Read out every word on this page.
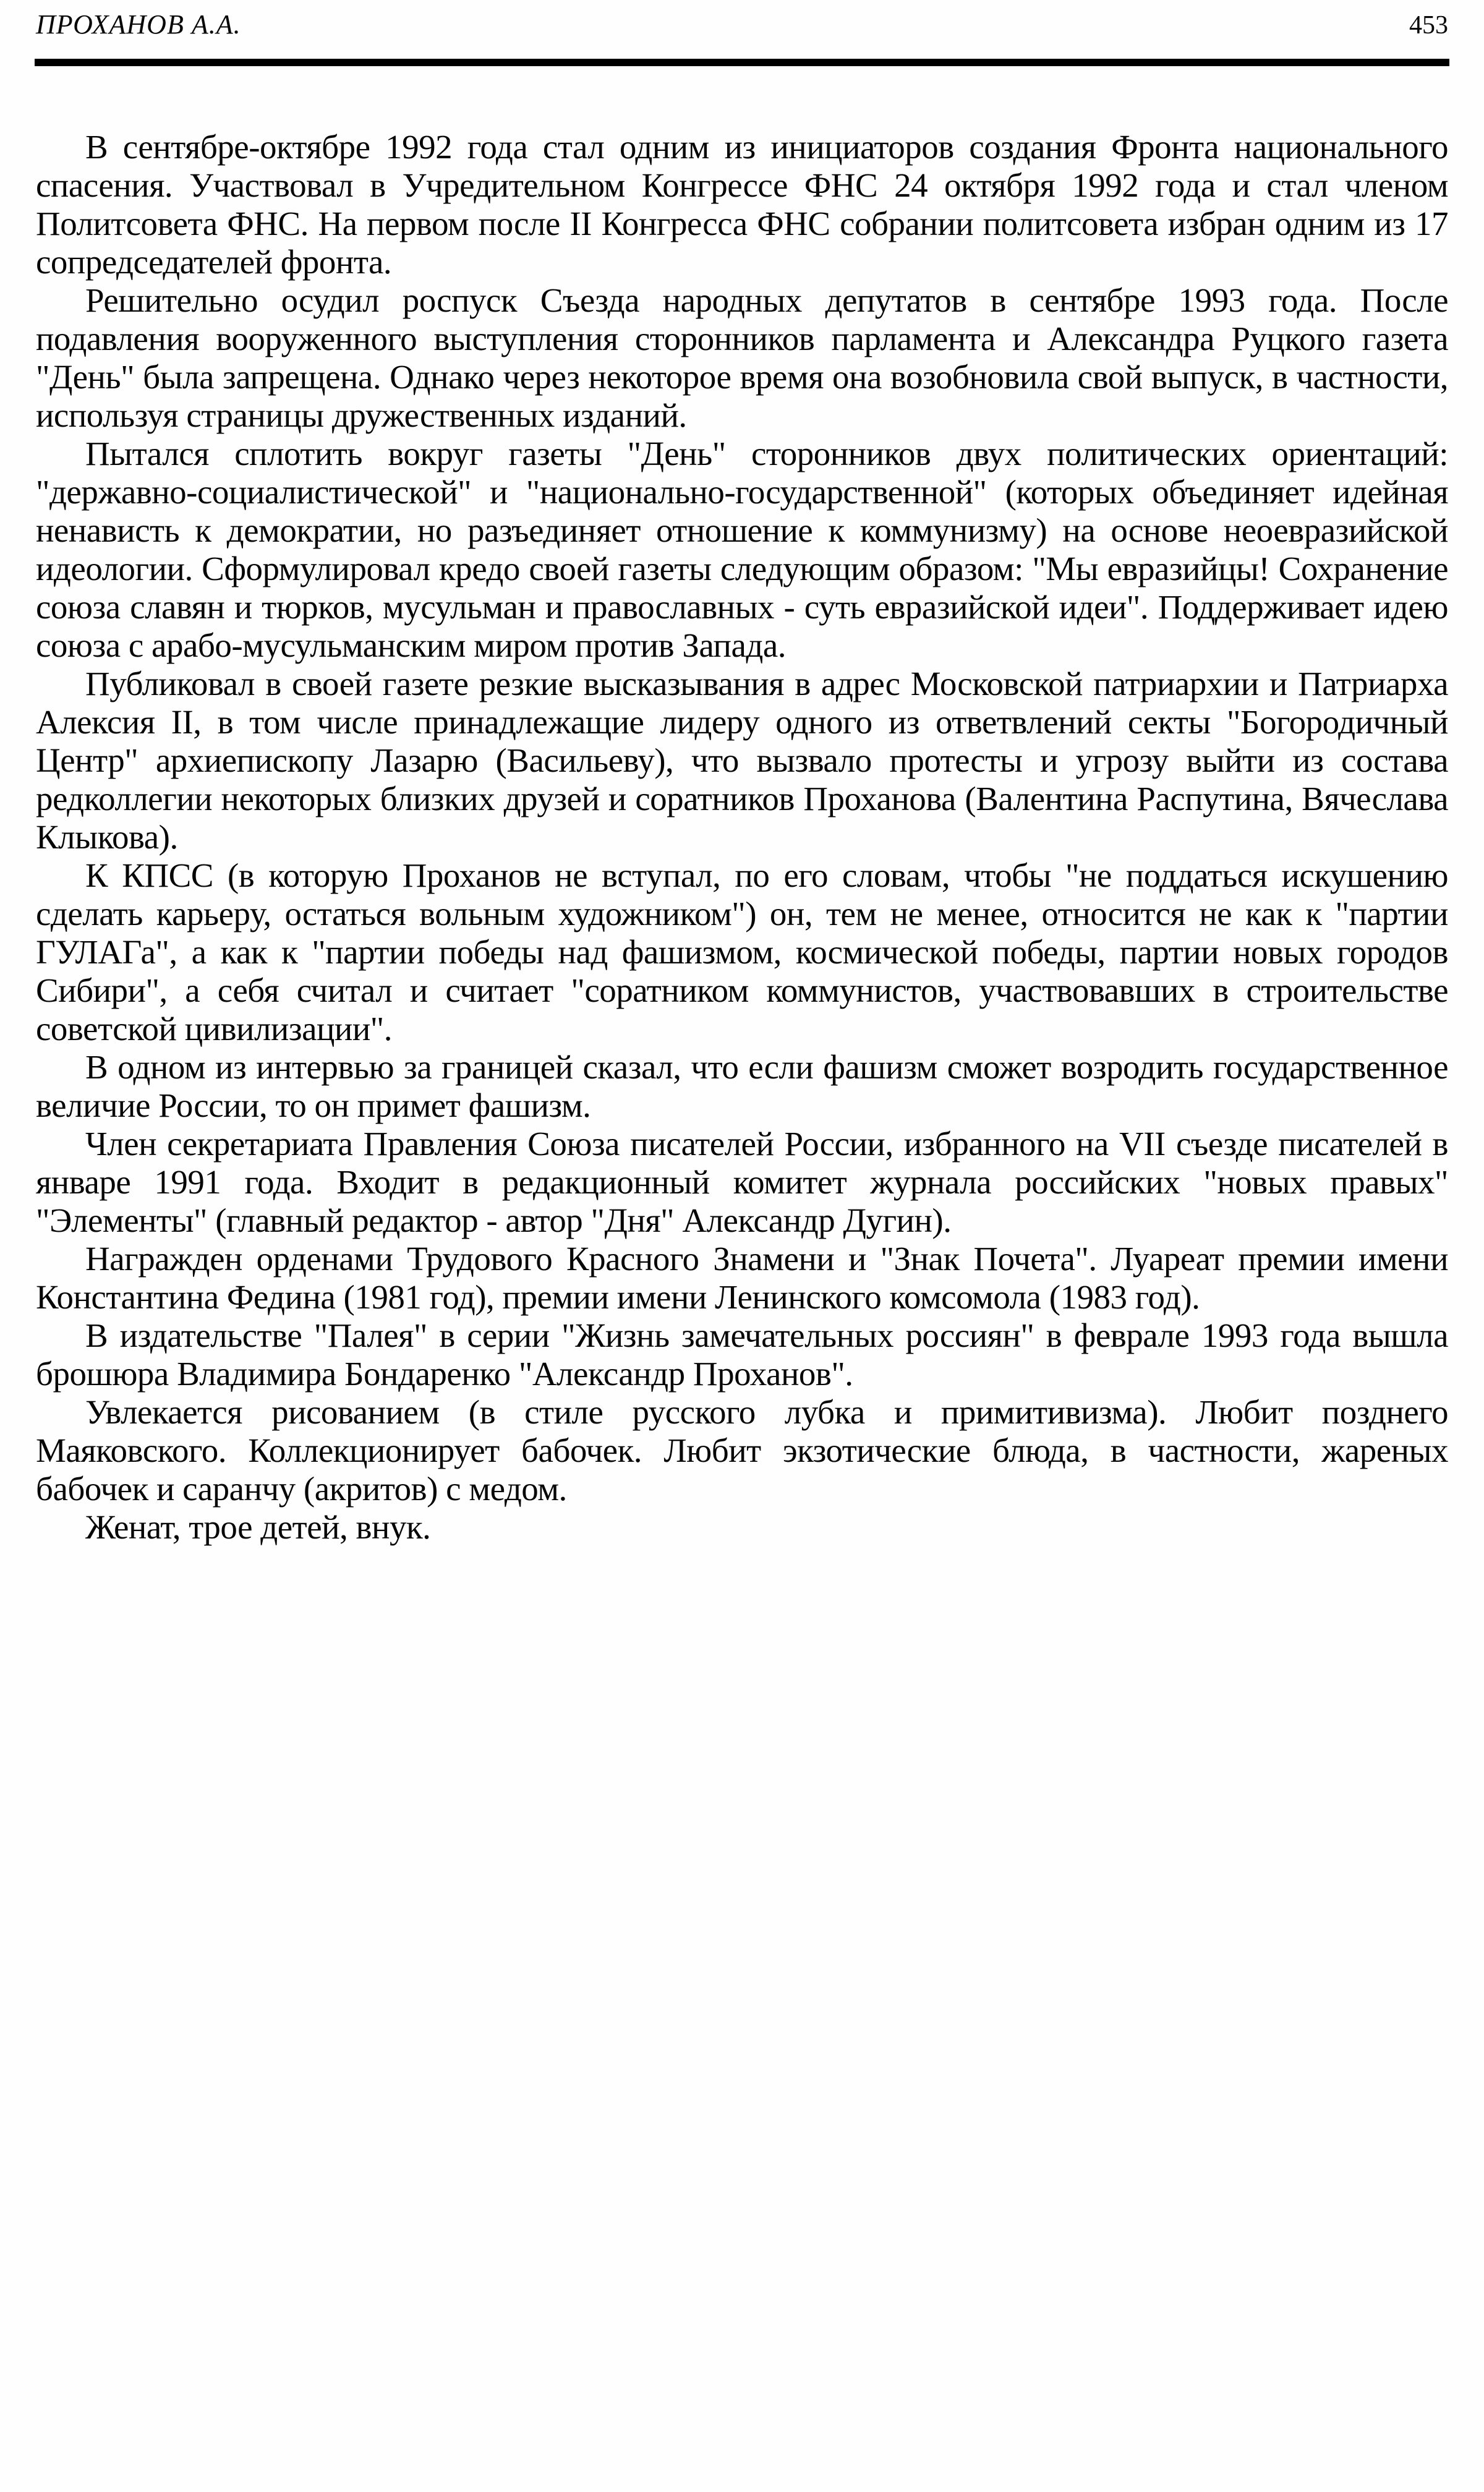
ПРОХАНОВ А.А.	453

В сентябре-октябре 1992 года стал одним из инициаторов создания Фронта национального спасения. Участвовал в Учредительном Конгрессе ФНС 24 октября 1992 года и стал членом Политсовета ФНС. На первом после II Конгресса ФНС собрании политсовета избран одним из 17 сопредседателей фронта.

Решительно осудил роспуск Съезда народных депутатов в сентябре 1993 года. После подавления вооруженного выступления сторонников парламента и Александра Руцкого газета "День" была запрещена. Однако через некоторое время она возобновила свой выпуск, в частности, используя страницы дружественных изданий.

Пытался сплотить вокруг газеты "День" сторонников двух политических ориентаций: "державно-социалистической" и "национально-государственной" (которых объединяет идейная ненависть к демократии, но разъединяет отношение к коммунизму) на основе неоевразийской идеологии. Сформулировал кредо своей газеты следующим образом: "Мы евразийцы! Сохранение союза славян и тюрков, мусульман и православных - суть евразийской идеи". Поддерживает идею союза с арабо-мусульманским миром против Запада.

Публиковал в своей газете резкие высказывания в адрес Московской патриархии и Патриарха Алексия II, в том числе принадлежащие лидеру одного из ответвлений секты "Богородичный Центр" архиепископу Лазарю (Васильеву), что вызвало протесты и угрозу выйти из состава редколлегии некоторых близких друзей и соратников Проханова (Валентина Распутина, Вячеслава Клыкова).

К КПСС (в которую Проханов не вступал, по его словам, чтобы "не поддаться искушению сделать карьеру, остаться вольным художником") он, тем не менее, относится не как к "партии ГУЛАГа", а как к "партии победы над фашизмом, космической победы, партии новых городов Сибири", а себя считал и считает "соратником коммунистов, участвовавших в строительстве советской цивилизации".

В одном из интервью за границей сказал, что если фашизм сможет возродить государственное величие России, то он примет фашизм.

Член секретариата Правления Союза писателей России, избранного на VII съезде писателей в январе 1991 года. Входит в редакционный комитет журнала российских "новых правых" "Элементы" (главный редактор - автор "Дня" Александр Дугин).

Награжден орденами Трудового Красного Знамени и "Знак Почета". Луареат премии имени Константина Федина (1981 год), премии имени Ленинского комсомола (1983 год).

В издательстве "Палея" в серии "Жизнь замечательных россиян" в феврале 1993 года вышла брошюра Владимира Бондаренко "Александр Проханов".

Увлекается рисованием (в стиле русского лубка и примитивизма). Любит позднего Маяковского. Коллекционирует бабочек. Любит экзотические блюда, в частности, жареных бабочек и саранчу (акритов) с медом.

Женат, трое детей, внук.
